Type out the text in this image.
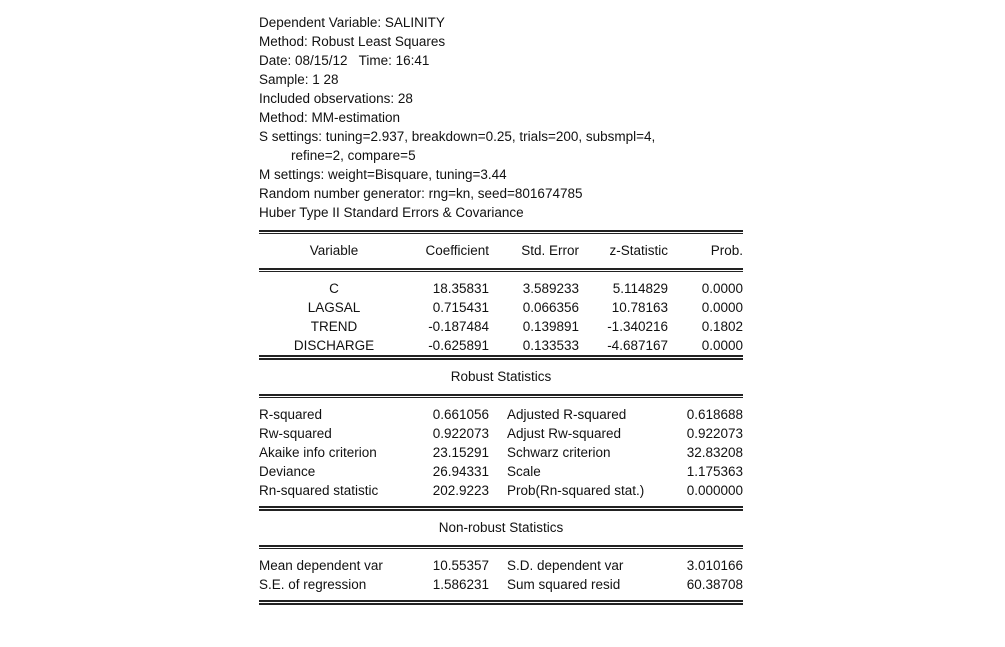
Dependent Variable: SALINITY
Method: Robust Least Squares
Date: 08/15/12   Time: 16:41
Sample: 1 28
Included observations: 28
Method: MM-estimation
S settings: tuning=2.937, breakdown=0.25, trials=200, subsmpl=4,
refine=2, compare=5
M settings: weight=Bisquare, tuning=3.44
Random number generator: rng=kn, seed=801674785
Huber Type II Standard Errors & Covariance
Variable	Coefficient	Std. Error	z-Statistic	Prob.
C	18.35831	3.589233	5.114829	0.0000
LAGSAL	0.715431	0.066356	10.78163	0.0000
TREND	-0.187484	0.139891	-1.340216	0.1802
DISCHARGE	-0.625891	0.133533	-4.687167	0.0000
Robust Statistics
R-squared	0.661056	Adjusted R-squared	0.618688
Rw-squared	0.922073	Adjust Rw-squared	0.922073
Akaike info criterion	23.15291	Schwarz criterion	32.83208
Deviance	26.94331	Scale	1.175363
Rn-squared statistic	202.9223	Prob(Rn-squared stat.)	0.000000
Non-robust Statistics
Mean dependent var	10.55357	S.D. dependent var	3.010166
S.E. of regression	1.586231	Sum squared resid	60.38708
